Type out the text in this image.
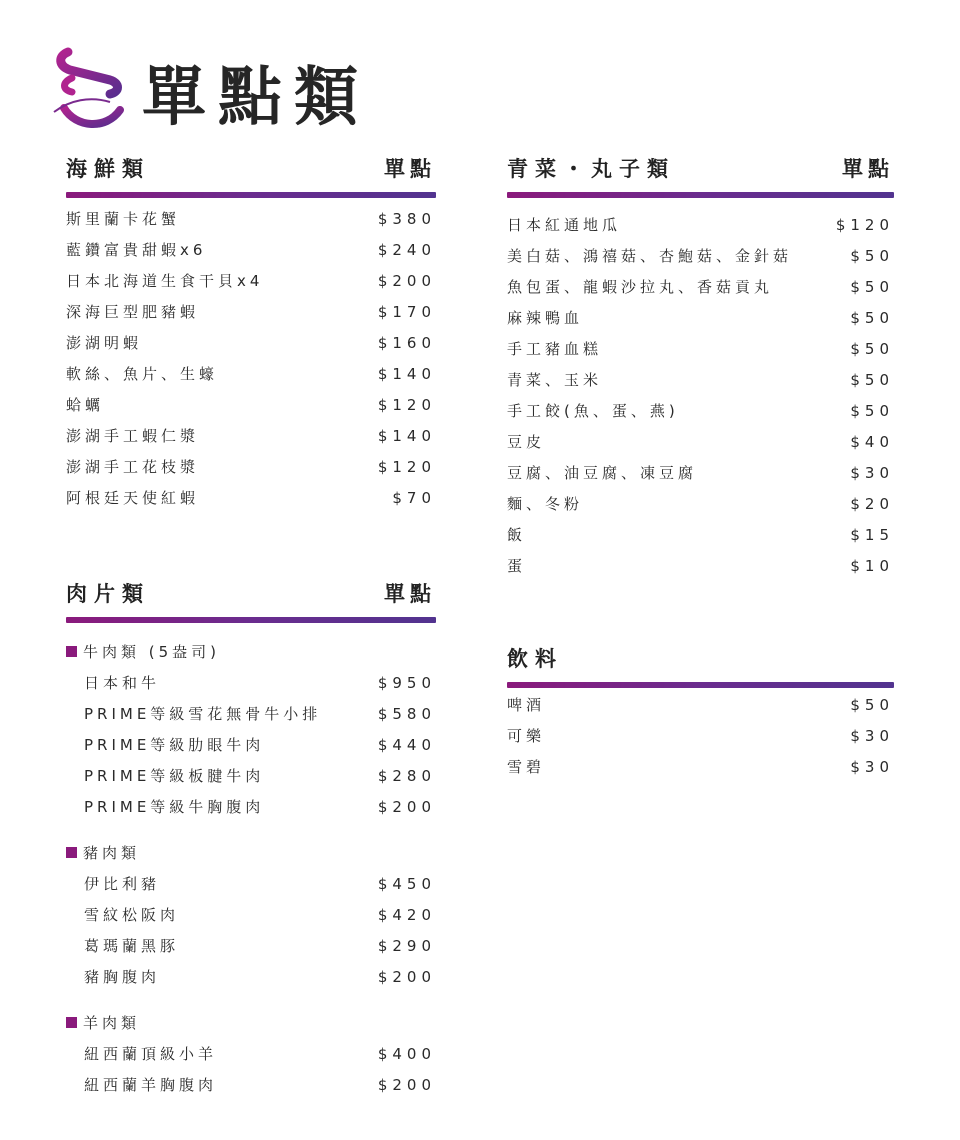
單點類
海鮮類	單點
斯里蘭卡花蟹	$380
藍鑽富貴甜蝦x6	$240
日本北海道生食干貝x4	$200
深海巨型肥豬蝦	$170
澎湖明蝦	$160
軟絲、魚片、生蠔	$140
蛤蠣	$120
澎湖手工蝦仁漿	$140
澎湖手工花枝漿	$120
阿根廷天使紅蝦	$70
肉片類	單點
牛肉類 (5盎司)
日本和牛	$950
PRIME等級雪花無骨牛小排	$580
PRIME等級肋眼牛肉	$440
PRIME等級板腱牛肉	$280
PRIME等級牛胸腹肉	$200
豬肉類
伊比利豬	$450
雪紋松阪肉	$420
葛瑪蘭黑豚	$290
豬胸腹肉	$200
羊肉類
紐西蘭頂級小羊	$400
紐西蘭羊胸腹肉	$200
青菜・丸子類	單點
日本紅通地瓜	$120
美白菇、鴻禧菇、杏鮑菇、金針菇	$50
魚包蛋、龍蝦沙拉丸、香菇貢丸	$50
麻辣鴨血	$50
手工豬血糕	$50
青菜、玉米	$50
手工餃(魚、蛋、燕)	$50
豆皮	$40
豆腐、油豆腐、凍豆腐	$30
麵、冬粉	$20
飯	$15
蛋	$10
飲料
啤酒	$50
可樂	$30
雪碧	$30
